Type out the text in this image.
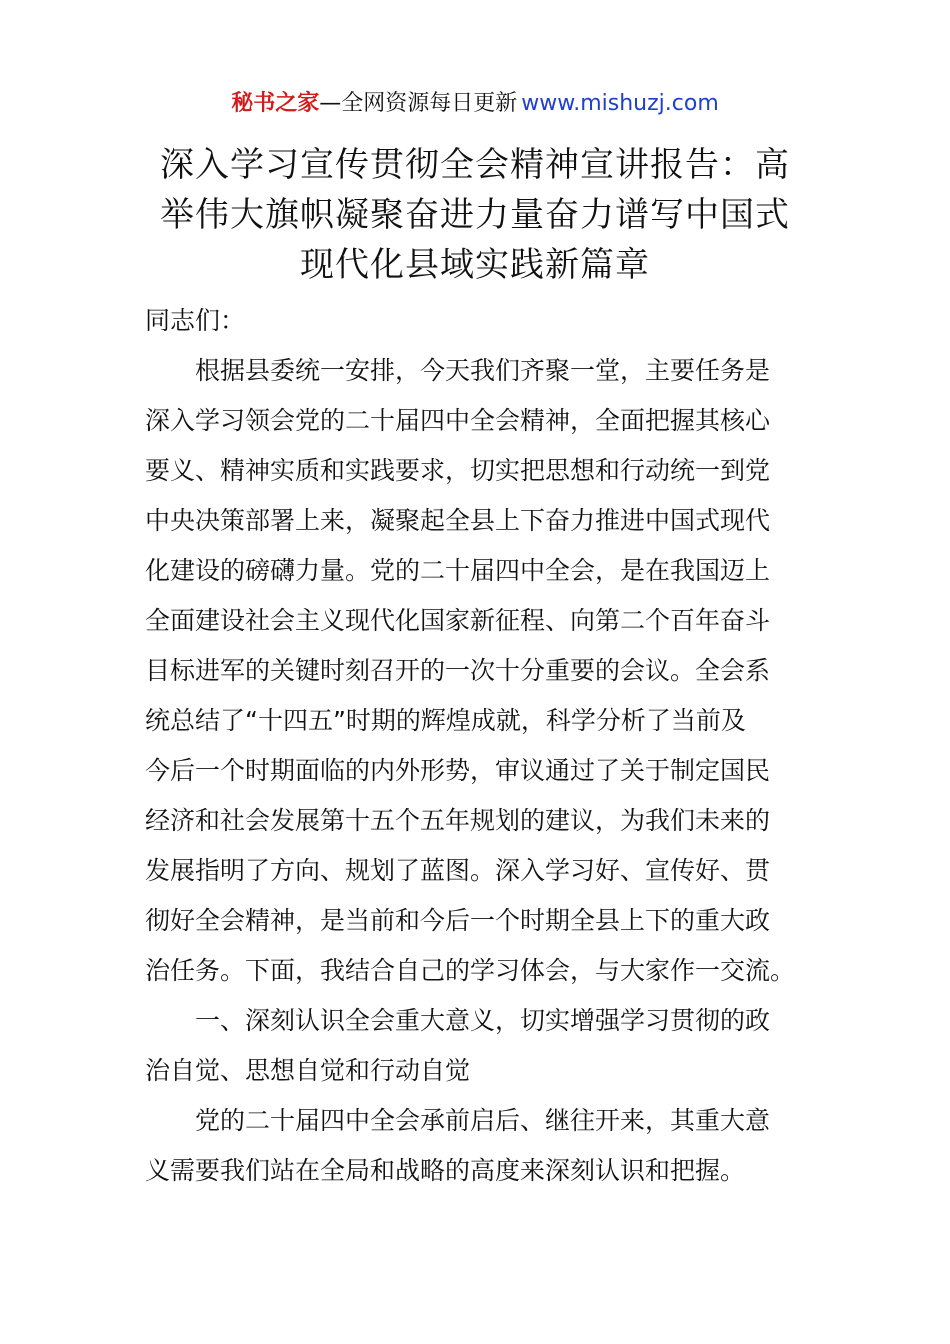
秘书之家—全网资源每日更新 www.mishuzj.com
深入学习宣传贯彻全会精神宣讲报告：高
举伟大旗帜凝聚奋进力量奋力谱写中国式
现代化县域实践新篇章
同志们：
根据县委统一安排，今天我们齐聚一堂，主要任务是
深入学习领会党的二十届四中全会精神，全面把握其核心
要义、精神实质和实践要求，切实把思想和行动统一到党
中央决策部署上来，凝聚起全县上下奋力推进中国式现代
化建设的磅礴力量。党的二十届四中全会，是在我国迈上
全面建设社会主义现代化国家新征程、向第二个百年奋斗
目标进军的关键时刻召开的一次十分重要的会议。全会系
统总结了“十四五”时期的辉煌成就，科学分析了当前及
今后一个时期面临的内外形势，审议通过了关于制定国民
经济和社会发展第十五个五年规划的建议，为我们未来的
发展指明了方向、规划了蓝图。深入学习好、宣传好、贯
彻好全会精神，是当前和今后一个时期全县上下的重大政
治任务。下面，我结合自己的学习体会，与大家作一交流。
一、深刻认识全会重大意义，切实增强学习贯彻的政
治自觉、思想自觉和行动自觉
党的二十届四中全会承前启后、继往开来，其重大意
义需要我们站在全局和战略的高度来深刻认识和把握。
